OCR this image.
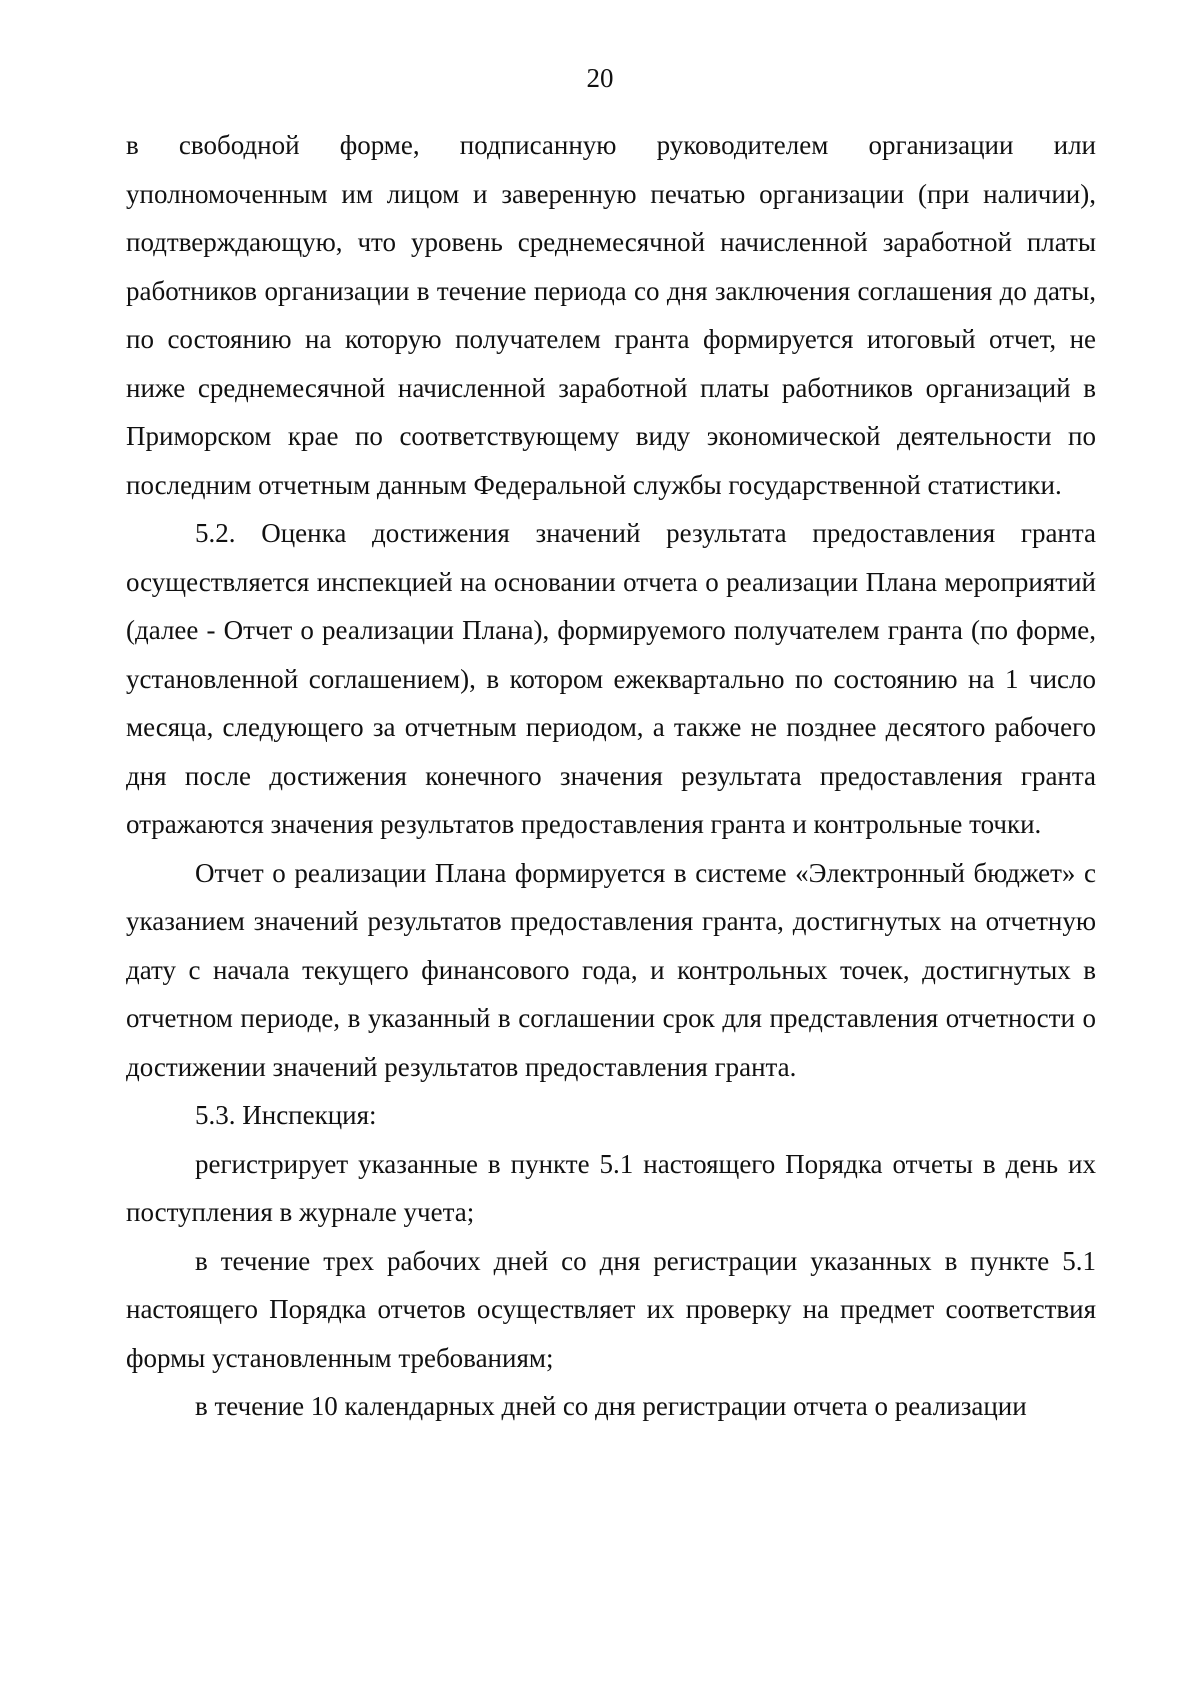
20

в свободной форме, подписанную руководителем организации или уполномоченным им лицом и заверенную печатью организации (при наличии), подтверждающую, что уровень среднемесячной начисленной заработной платы работников организации в течение периода со дня заключения соглашения до даты, по состоянию на которую получателем гранта формируется итоговый отчет, не ниже среднемесячной начисленной заработной платы работников организаций в Приморском крае по соответствующему виду экономической деятельности по последним отчетным данным Федеральной службы государственной статистики.

5.2. Оценка достижения значений результата предоставления гранта осуществляется инспекцией на основании отчета о реализации Плана мероприятий (далее - Отчет о реализации Плана), формируемого получателем гранта (по форме, установленной соглашением), в котором ежеквартально по состоянию на 1 число месяца, следующего за отчетным периодом, а также не позднее десятого рабочего дня после достижения конечного значения результата предоставления гранта отражаются значения результатов предоставления гранта и контрольные точки.

Отчет о реализации Плана формируется в системе «Электронный бюджет» с указанием значений результатов предоставления гранта, достигнутых на отчетную дату с начала текущего финансового года, и контрольных точек, достигнутых в отчетном периоде, в указанный в соглашении срок для представления отчетности о достижении значений результатов предоставления гранта.

5.3. Инспекция:

регистрирует указанные в пункте 5.1 настоящего Порядка отчеты в день их поступления в журнале учета;

в течение трех рабочих дней со дня регистрации указанных в пункте 5.1 настоящего Порядка отчетов осуществляет их проверку на предмет соответствия формы установленным требованиям;

в течение 10 календарных дней со дня регистрации отчета о реализации
